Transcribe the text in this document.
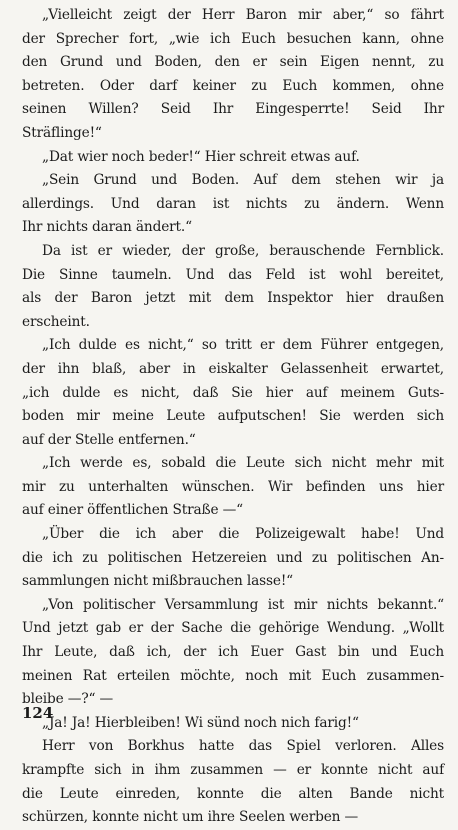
„Vielleicht zeigt der Herr Baron mir aber,“ so fährt
der Sprecher fort, „wie ich Euch besuchen kann, ohne
den Grund und Boden, den er sein Eigen nennt, zu
betreten. Oder darf keiner zu Euch kommen, ohne
seinen Willen? Seid Ihr Eingesperrte! Seid Ihr
Sträflinge!“

„Dat wier noch beder!“ Hier schreit etwas auf.

„Sein Grund und Boden. Auf dem stehen wir ja
allerdings. Und daran ist nichts zu ändern. Wenn
Ihr nichts daran ändert.“

Da ist er wieder, der große, berauschende Fernblick.
Die Sinne taumeln. Und das Feld ist wohl bereitet,
als der Baron jetzt mit dem Inspektor hier draußen
erscheint.

„Ich dulde es nicht,“ so tritt er dem Führer entgegen,
der ihn blaß, aber in eiskalter Gelassenheit erwartet,
„ich dulde es nicht, daß Sie hier auf meinem Guts-
boden mir meine Leute aufputschen! Sie werden sich
auf der Stelle entfernen.“

„Ich werde es, sobald die Leute sich nicht mehr mit
mir zu unterhalten wünschen. Wir befinden uns hier
auf einer öffentlichen Straße —“

„Über die ich aber die Polizeigewalt habe! Und
die ich zu politischen Hetzereien und zu politischen An-
sammlungen nicht mißbrauchen lasse!“

„Von politischer Versammlung ist mir nichts bekannt.“
Und jetzt gab er der Sache die gehörige Wendung. „Wollt
Ihr Leute, daß ich, der ich Euer Gast bin und Euch
meinen Rat erteilen möchte, noch mit Euch zusammen-
bleibe —?“ —

„Ja! Ja! Hierbleiben! Wi sünd noch nich farig!“

Herr von Borkhus hatte das Spiel verloren. Alles
krampfte sich in ihm zusammen — er konnte nicht auf
die Leute einreden, konnte die alten Bande nicht
schürzen, konnte nicht um ihre Seelen werben —

124
